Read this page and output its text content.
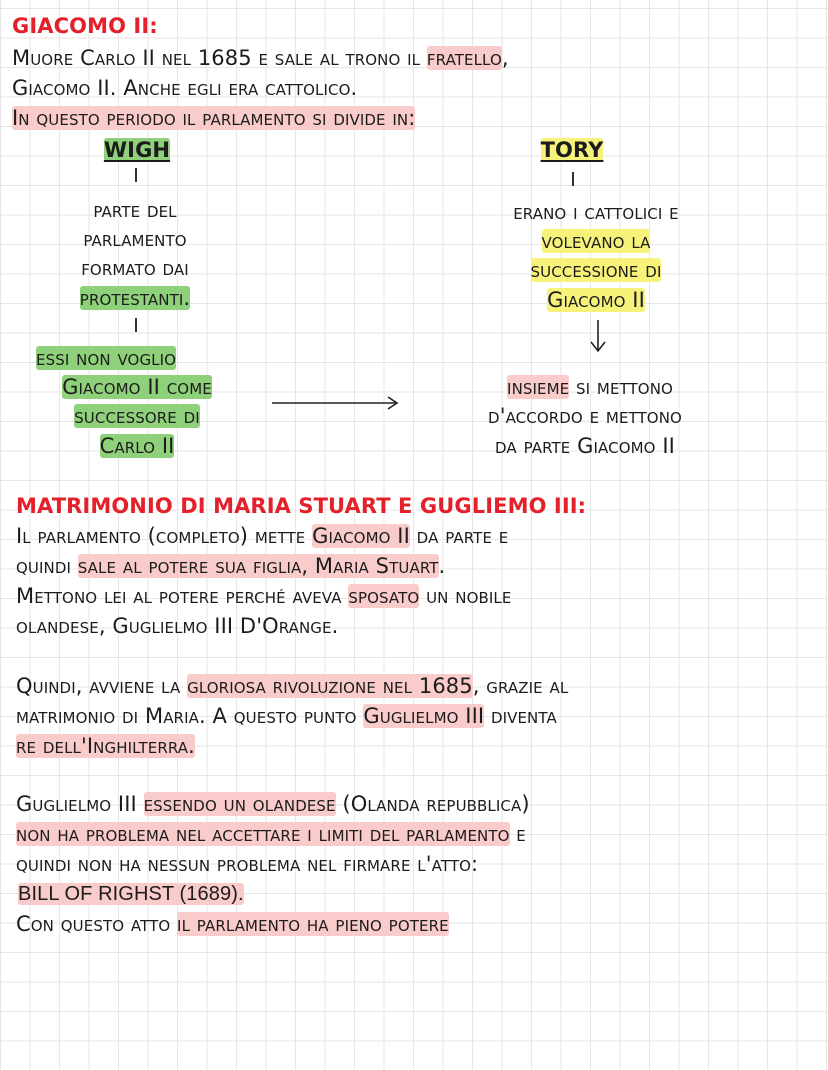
GIACOMO II:
Muore Carlo II nel 1685 e sale al trono il fratello,
Giacomo II. Anche egli era cattolico.
In questo periodo il parlamento si divide in:
WIGH
parte del
parlamento
formato dai
protestanti.
essi non voglio
Giacomo II come
successore di
Carlo II
TORY
erano i cattolici e
volevano la
successione di
Giacomo II
insieme si mettono
d'accordo e mettono
da parte Giacomo II
MATRIMONIO DI MARIA STUART E GUGLIEMO III:
Il parlamento (completo) mette Giacomo II da parte e
quindi sale al potere sua figlia, Maria Stuart.
Mettono lei al potere perché aveva sposato un nobile
olandese, Guglielmo III D'Orange.
Quindi, avviene la gloriosa rivoluzione nel 1685, grazie al
matrimonio di Maria. A questo punto Guglielmo III diventa
re dell'Inghilterra.
Guglielmo III essendo un olandese (Olanda repubblica)
non ha problema nel accettare i limiti del parlamento e
quindi non ha nessun problema nel firmare l'atto:
BILL OF RIGHST (1689).
Con questo atto il parlamento ha pieno potere
